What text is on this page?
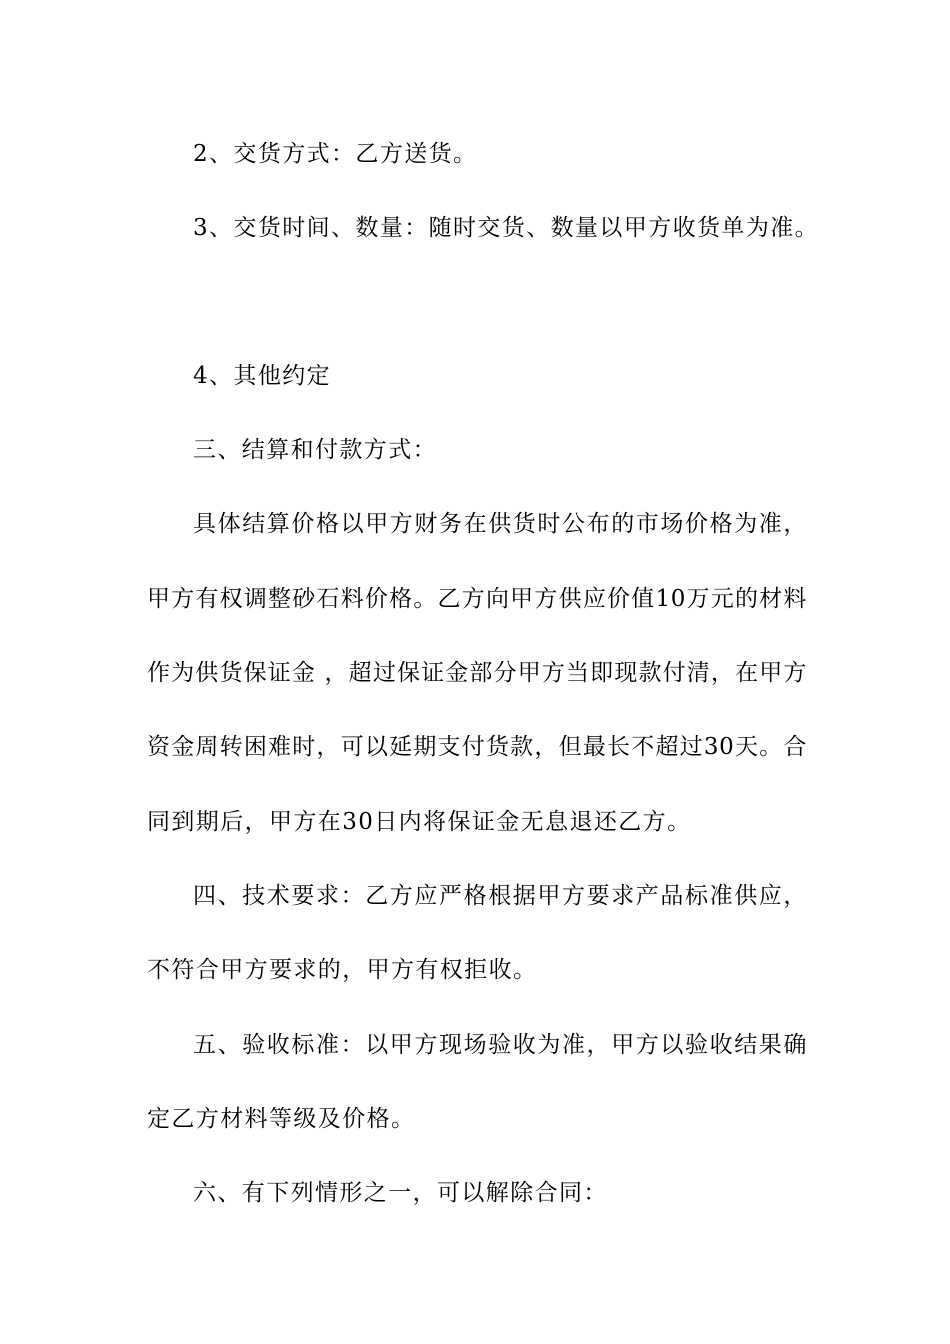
2、交货方式：乙方送货。

3、交货时间、数量：随时交货、数量以甲方收货单为准。

4、其他约定

三、结算和付款方式：

具体结算价格以甲方财务在供货时公布的市场价格为准，

甲方有权调整砂石料价格。乙方向甲方供应价值10万元的材料

作为供货保证金 ，超过保证金部分甲方当即现款付清，在甲方

资金周转困难时，可以延期支付货款，但最长不超过30天。合

同到期后，甲方在30日内将保证金无息退还乙方。

四、技术要求：乙方应严格根据甲方要求产品标准供应，

不符合甲方要求的，甲方有权拒收。

五、验收标准：以甲方现场验收为准，甲方以验收结果确

定乙方材料等级及价格。

六、有下列情形之一，可以解除合同：
